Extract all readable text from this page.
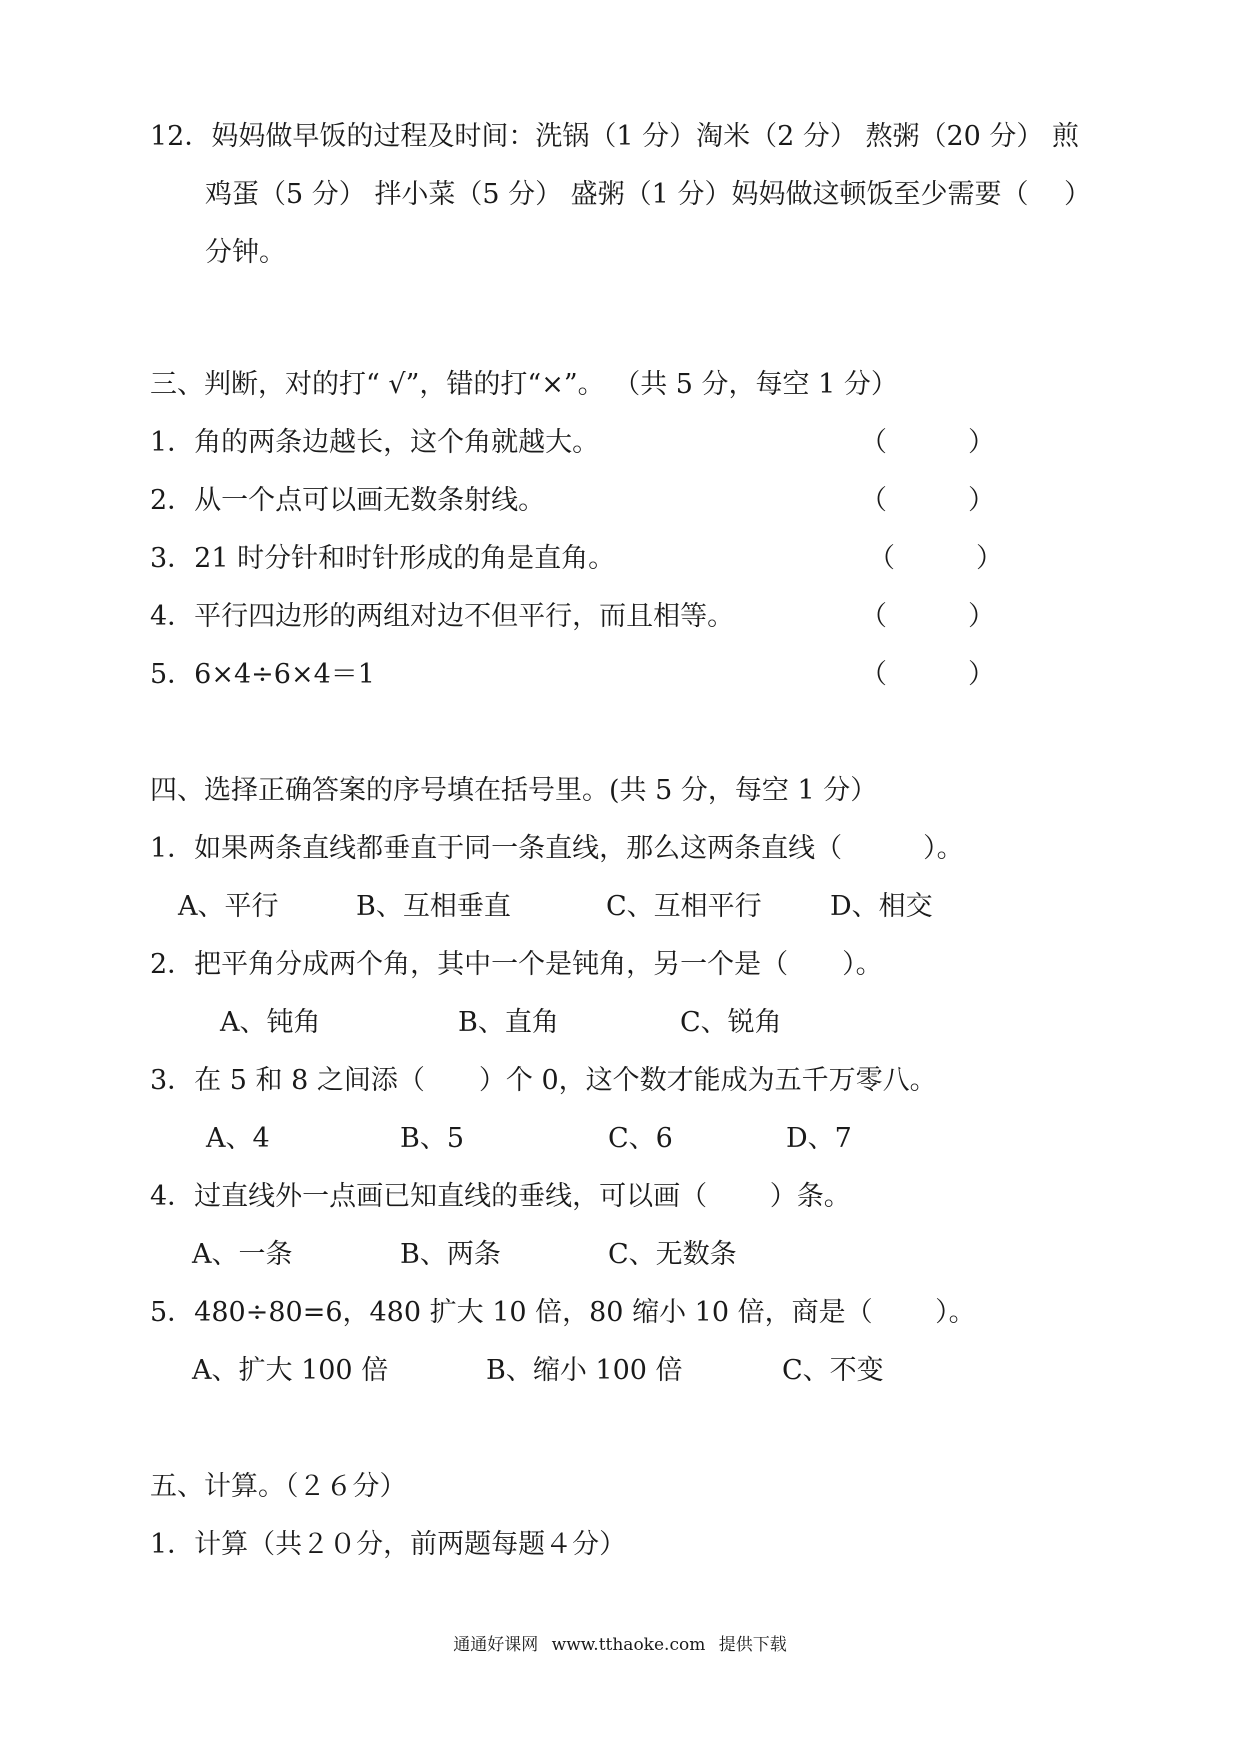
12．妈妈做早饭的过程及时间：洗锅（1 分）淘米（2 分） 熬粥（20 分） 煎
鸡蛋（5 分） 拌小菜（5 分） 盛粥（1 分）妈妈做这顿饭至少需要（　 ）
分钟。
三、判断，对的打“ √”，错的打“×”。 （共 5 分，每空 1 分）
1．角的两条边越长，这个角就越大。	（　　　）
2．从一个点可以画无数条射线。	（　　　）
3．21 时分针和时针形成的角是直角。	（　　　）
4．平行四边形的两组对边不但平行，而且相等。	（　　　）
5．6×4÷6×4＝1	（　　　）
四、选择正确答案的序号填在括号里。(共 5 分，每空 1 分）
1．如果两条直线都垂直于同一条直线，那么这两条直线（　　　）。
A、平行	B、互相垂直	C、互相平行	D、相交
2．把平角分成两个角，其中一个是钝角，另一个是（　　）。
A、钝角	B、直角	C、锐角
3．在 5 和 8 之间添（　　）个 0，这个数才能成为五千万零八。
A、4	B、5	C、6	D、7
4．过直线外一点画已知直线的垂线，可以画（　　 ）条。
A、一条	B、两条	C、无数条
5．480÷80=6，480 扩大 10 倍，80 缩小 10 倍，商是（　　 ）。
A、扩大 100 倍	B、缩小 100 倍	C、不变
五、计算。（２６分）
1．计算（共２０分，前两题每题４分）
通通好课网 www.tthaoke.com 提供下载
